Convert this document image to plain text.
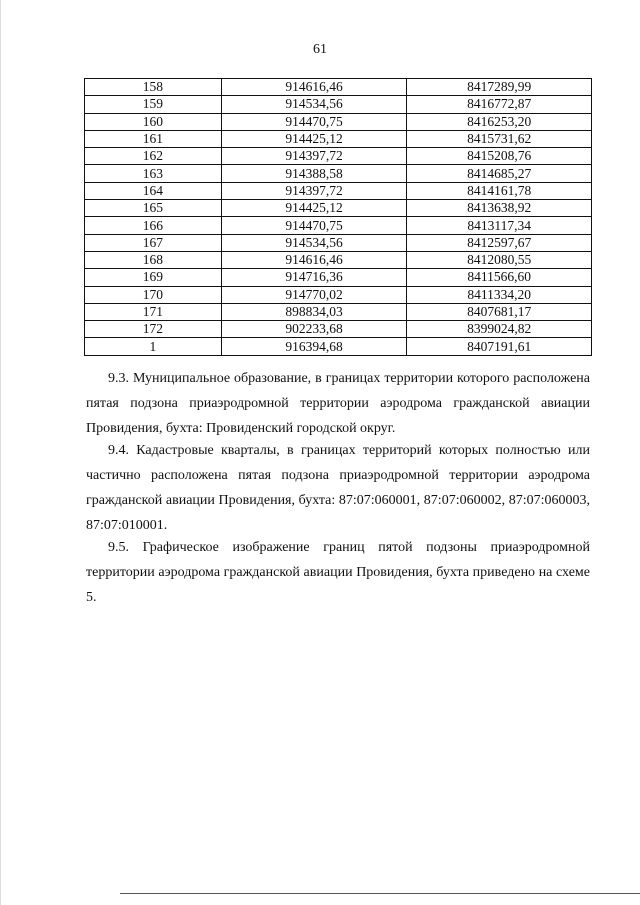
61
158	914616,46	8417289,99
159	914534,56	8416772,87
160	914470,75	8416253,20
161	914425,12	8415731,62
162	914397,72	8415208,76
163	914388,58	8414685,27
164	914397,72	8414161,78
165	914425,12	8413638,92
166	914470,75	8413117,34
167	914534,56	8412597,67
168	914616,46	8412080,55
169	914716,36	8411566,60
170	914770,02	8411334,20
171	898834,03	8407681,17
172	902233,68	8399024,82
1	916394,68	8407191,61

9.3. Муниципальное образование, в границах территории которого расположена пятая подзона приаэродромной территории аэродрома гражданской авиации Провидения, бухта: Провиденский городской округ.

9.4. Кадастровые кварталы, в границах территорий которых полностью или частично расположена пятая подзона приаэродромной территории аэродрома гражданской авиации Провидения, бухта: 87:07:060001, 87:07:060002, 87:07:060003, 87:07:010001.

9.5. Графическое изображение границ пятой подзоны приаэродромной территории аэродрома гражданской авиации Провидения, бухта приведено на схеме 5.
